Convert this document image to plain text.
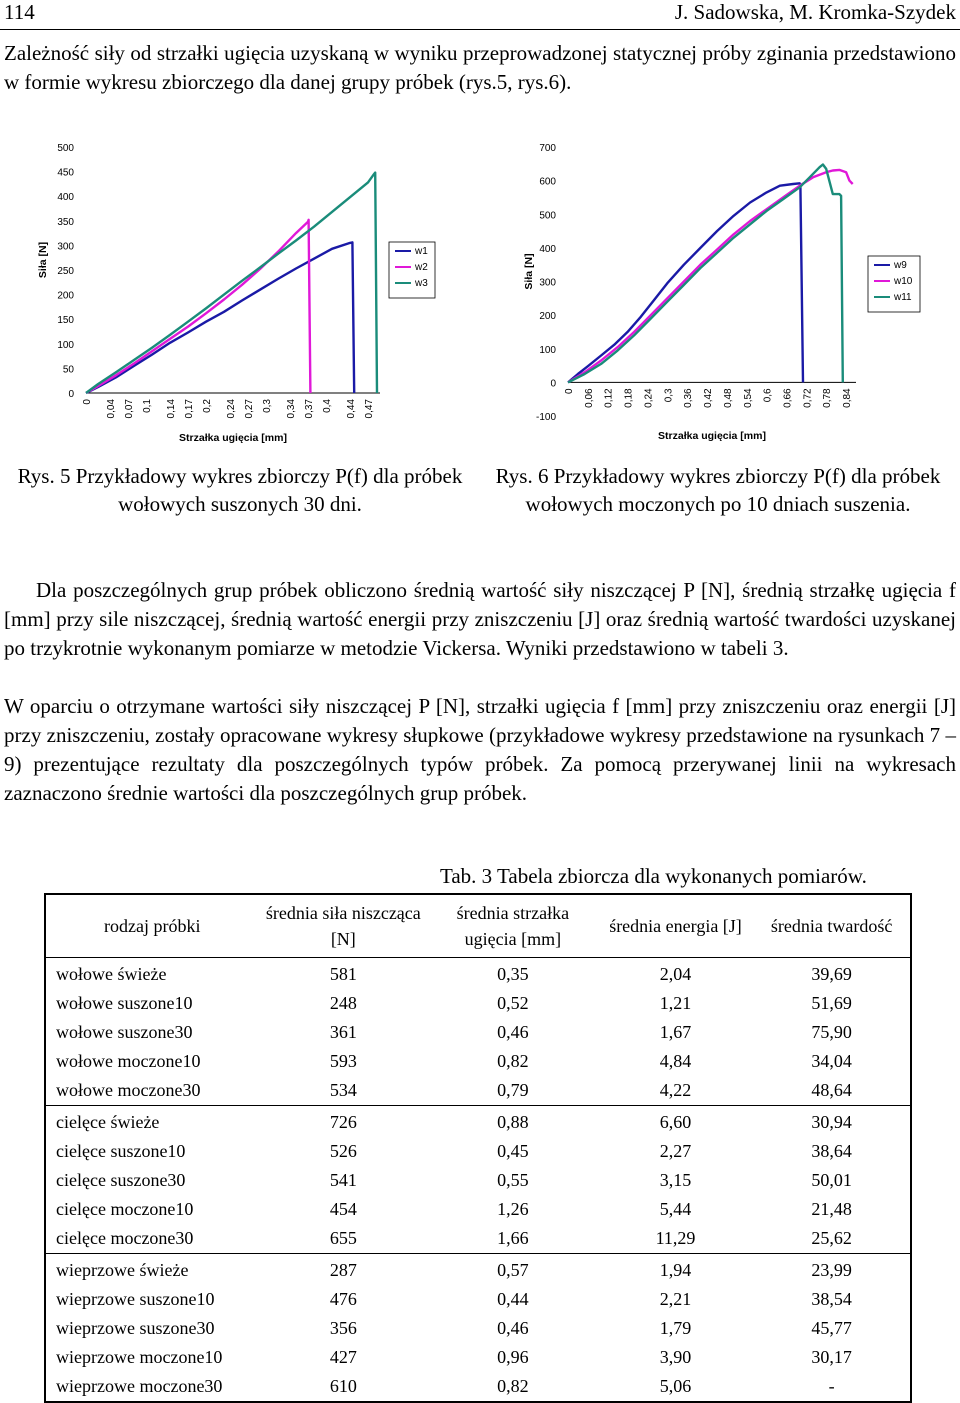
114	J. Sadowska, M. Kromka-Szydek

Zależność siły od strzałki ugięcia uzyskaną w wyniku przeprowadzonej statycznej próby zginania przedstawiono w formie wykresu zbiorczego dla danej grupy próbek (rys.5, rys.6).

0
50
100
150
200
250
300
350
400
450
500
0 0,04 0,07 0,1 0,14 0,17 0,2 0,24 0,27 0,3 0,34 0,37 0,4 0,44 0,47
Strzałka ugięcia [mm]
Siła [N]	w1
w2
w3
-100
0
100
200
300
400
500
600
700
0 0,06 0,12 0,18 0,24 0,3 0,36 0,42 0,48 0,54 0,6 0,66 0,72 0,78 0,84
Strzałka ugięcia [mm]
Siła [N]	w9
w10
w11

Rys. 5 Przykładowy wykres zbiorczy P(f) dla próbek wołowych suszonych 30 dni.

Rys. 6 Przykładowy wykres zbiorczy P(f) dla próbek wołowych moczonych po 10 dniach suszenia.

Dla poszczególnych grup próbek obliczono średnią wartość siły niszczącej P [N], średnią strzałkę ugięcia f [mm] przy sile niszczącej, średnią wartość energii przy zniszczeniu [J] oraz średnią wartość twardości uzyskanej po trzykrotnie wykonanym pomiarze w metodzie Vickersa. Wyniki przedstawiono w tabeli 3.

W oparciu o otrzymane wartości siły niszczącej P [N], strzałki ugięcia f [mm] przy zniszczeniu oraz energii [J] przy zniszczeniu, zostały opracowane wykresy słupkowe (przykładowe wykresy przedstawione na rysunkach 7 – 9) prezentujące rezultaty dla poszczególnych typów próbek. Za pomocą przerywanej linii na wykresach zaznaczono średnie wartości dla poszczególnych grup próbek.

Tab. 3 Tabela zbiorcza dla wykonanych pomiarów.
rodzaj próbki	średnia siła niszcząca [N]	średnia strzałka ugięcia [mm]	średnia energia [J]	średnia twardość
wołowe świeże	581	0,35	2,04	39,69
wołowe suszone10	248	0,52	1,21	51,69
wołowe suszone30	361	0,46	1,67	75,90
wołowe moczone10	593	0,82	4,84	34,04
wołowe moczone30	534	0,79	4,22	48,64
cielęce świeże	726	0,88	6,60	30,94
cielęce suszone10	526	0,45	2,27	38,64
cielęce suszone30	541	0,55	3,15	50,01
cielęce moczone10	454	1,26	5,44	21,48
cielęce moczone30	655	1,66	11,29	25,62
wieprzowe świeże	287	0,57	1,94	23,99
wieprzowe suszone10	476	0,44	2,21	38,54
wieprzowe suszone30	356	0,46	1,79	45,77
wieprzowe moczone10	427	0,96	3,90	30,17
wieprzowe moczone30	610	0,82	5,06	-
